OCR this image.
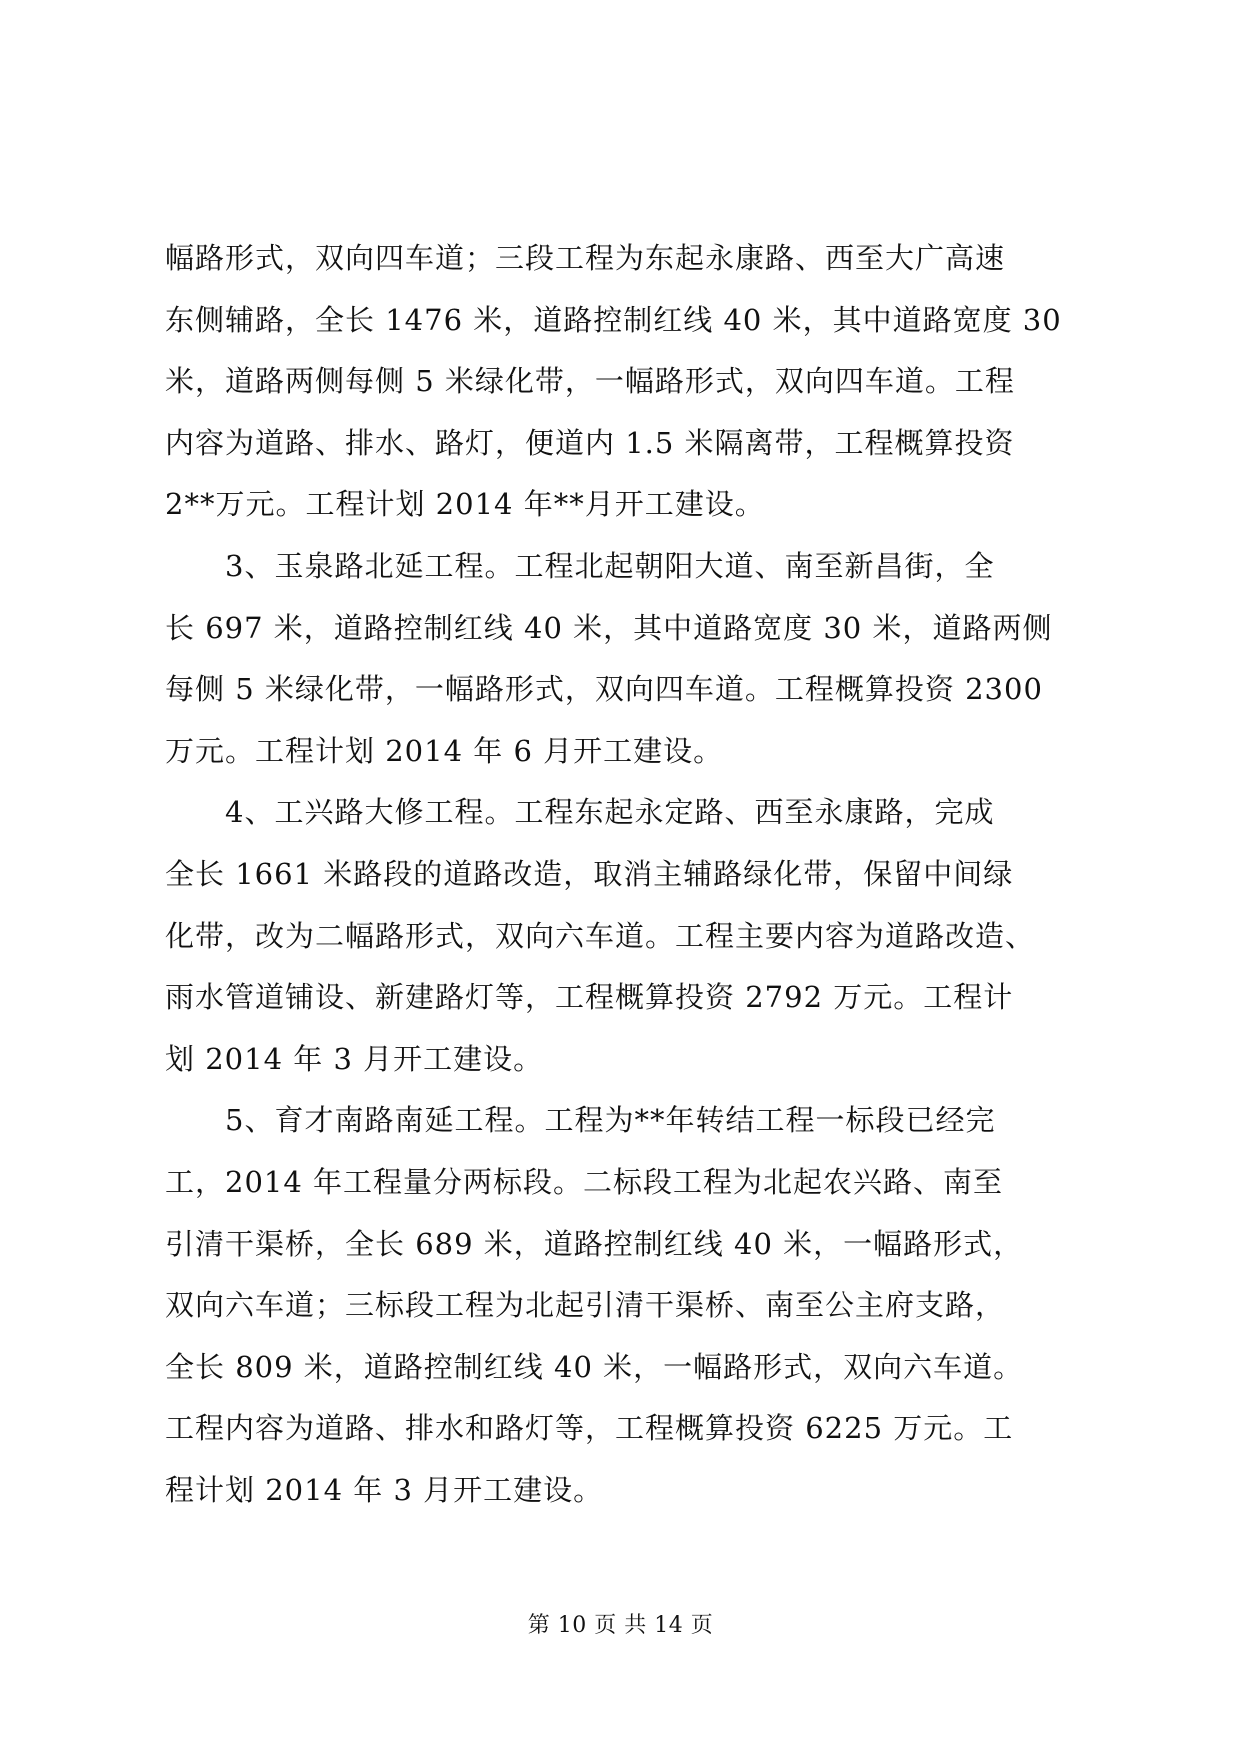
幅路形式，双向四车道；三段工程为东起永康路、西至大广高速
东侧辅路，全长 1476 米，道路控制红线 40 米，其中道路宽度 30
米，道路两侧每侧 5 米绿化带，一幅路形式，双向四车道。工程
内容为道路、排水、路灯，便道内 1.5 米隔离带，工程概算投资
2**万元。工程计划 2014 年**月开工建设。
　　3、玉泉路北延工程。工程北起朝阳大道、南至新昌街，全
长 697 米，道路控制红线 40 米，其中道路宽度 30 米，道路两侧
每侧 5 米绿化带，一幅路形式，双向四车道。工程概算投资 2300
万元。工程计划 2014 年 6 月开工建设。
　　4、工兴路大修工程。工程东起永定路、西至永康路，完成
全长 1661 米路段的道路改造，取消主辅路绿化带，保留中间绿
化带，改为二幅路形式，双向六车道。工程主要内容为道路改造、
雨水管道铺设、新建路灯等，工程概算投资 2792 万元。工程计
划 2014 年 3 月开工建设。
　　5、育才南路南延工程。工程为**年转结工程一标段已经完
工，2014 年工程量分两标段。二标段工程为北起农兴路、南至
引清干渠桥，全长 689 米，道路控制红线 40 米，一幅路形式，
双向六车道；三标段工程为北起引清干渠桥、南至公主府支路，
全长 809 米，道路控制红线 40 米，一幅路形式，双向六车道。
工程内容为道路、排水和路灯等，工程概算投资 6225 万元。工
程计划 2014 年 3 月开工建设。
第 10 页 共 14 页
